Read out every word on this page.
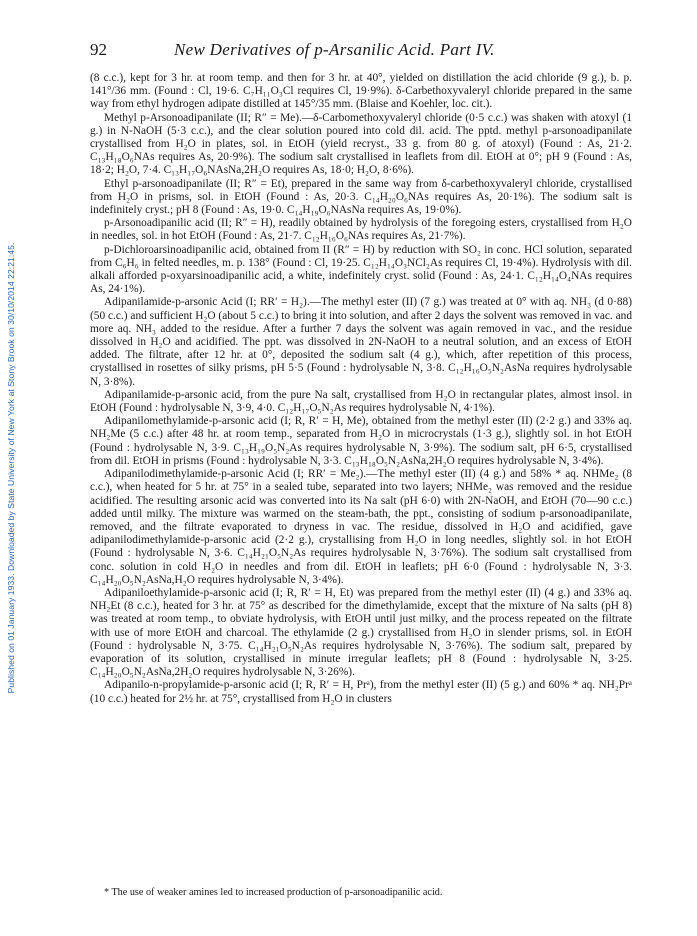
Published on 01 January 1933. Downloaded by State University of New York at Stony Brook on 30/10/2014 22:21:45.
92	New Derivatives of p-Arsanilic Acid. Part IV.

(8 c.c.), kept for 3 hr. at room temp. and then for 3 hr. at 40°, yielded on distillation the acid chloride (9 g.), b. p. 141°/36 mm. (Found : Cl, 19·6. C₇H₁₁O₃Cl requires Cl, 19·9%). δ-Carbethoxyvaleryl chloride prepared in the same way from ethyl hydrogen adipate distilled at 145°/35 mm. (Blaise and Koehler, loc. cit.).

Methyl p-Arsonoadipanilate (II; R″ = Me).—δ-Carbomethoxyvaleryl chloride (0·5 c.c.) was shaken with atoxyl (1 g.) in N-NaOH (5·3 c.c.), and the clear solution poured into cold dil. acid. The pptd. methyl p-arsonoadipanilate crystallised from H₂O in plates, sol. in EtOH (yield recryst., 33 g. from 80 g. of atoxyl) (Found : As, 21·2. C₁₃H₁₈O₆NAs requires As, 20·9%). The sodium salt crystallised in leaflets from dil. EtOH at 0°; pH 9 (Found : As, 18·2; H₂O, 7·4. C₁₃H₁₇O₆NAsNa,2H₂O requires As, 18·0; H₂O, 8·6%).

Ethyl p-arsonoadipanilate (II; R″ = Et), prepared in the same way from δ-carbethoxyvaleryl chloride, crystallised from H₂O in prisms, sol. in EtOH (Found : As, 20·3. C₁₄H₂₀O₆NAs requires As, 20·1%). The sodium salt is indefinitely cryst.; pH 8 (Found : As, 19·0. C₁₄H₁₉O₆NAsNa requires As, 19·0%).

p-Arsonoadipanilic acid (II; R″ = H), readily obtained by hydrolysis of the foregoing esters, crystallised from H₂O in needles, sol. in hot EtOH (Found : As, 21·7. C₁₂H₁₆O₆NAs requires As, 21·7%).

p-Dichloroarsinoadipanilic acid, obtained from II (R″ = H) by reduction with SO₂ in conc. HCl solution, separated from C₆H₆ in felted needles, m. p. 138° (Found : Cl, 19·25. C₁₂H₁₄O₃NCl₂As requires Cl, 19·4%). Hydrolysis with dil. alkali afforded p-oxyarsinoadipanilic acid, a white, indefinitely cryst. solid (Found : As, 24·1. C₁₂H₁₄O₄NAs requires As, 24·1%).

Adipanilamide-p-arsonic Acid (I; RR′ = H₂).—The methyl ester (II) (7 g.) was treated at 0° with aq. NH₃ (d 0·88) (50 c.c.) and sufficient H₂O (about 5 c.c.) to bring it into solution, and after 2 days the solvent was removed in vac. and more aq. NH₃ added to the residue. After a further 7 days the solvent was again removed in vac., and the residue dissolved in H₂O and acidified. The ppt. was dissolved in 2N-NaOH to a neutral solution, and an excess of EtOH added. The filtrate, after 12 hr. at 0°, deposited the sodium salt (4 g.), which, after repetition of this process, crystallised in rosettes of silky prisms, pH 5·5 (Found : hydrolysable N, 3·8. C₁₂H₁₆O₅N₂AsNa requires hydrolysable N, 3·8%).

Adipanilamide-p-arsonic acid, from the pure Na salt, crystallised from H₂O in rectangular plates, almost insol. in EtOH (Found : hydrolysable N, 3·9, 4·0. C₁₂H₁₇O₅N₂As requires hydrolysable N, 4·1%).

Adipanilomethylamide-p-arsonic acid (I; R, R′ = H, Me), obtained from the methyl ester (II) (2·2 g.) and 33% aq. NH₂Me (5 c.c.) after 48 hr. at room temp., separated from H₂O in microcrystals (1·3 g.), slightly sol. in hot EtOH (Found : hydrolysable N, 3·9. C₁₃H₁₉O₅N₂As requires hydrolysable N, 3·9%). The sodium salt, pH 6·5, crystallised from dil. EtOH in prisms (Found : hydrolysable N, 3·3. C₁₃H₁₈O₅N₂AsNa,2H₂O requires hydrolysable N, 3·4%).

Adipanilodimethylamide-p-arsonic Acid (I; RR′ = Me₂).—The methyl ester (II) (4 g.) and 58% * aq. NHMe₂ (8 c.c.), when heated for 5 hr. at 75° in a sealed tube, separated into two layers; NHMe₂ was removed and the residue acidified. The resulting arsonic acid was converted into its Na salt (pH 6·0) with 2N-NaOH, and EtOH (70—90 c.c.) added until milky. The mixture was warmed on the steam-bath, the ppt., consisting of sodium p-arsonoadipanilate, removed, and the filtrate evaporated to dryness in vac. The residue, dissolved in H₂O and acidified, gave adipanilodimethylamide-p-arsonic acid (2·2 g.), crystallising from H₂O in long needles, slightly sol. in hot EtOH (Found : hydrolysable N, 3·6. C₁₄H₂₁O₅N₂As requires hydrolysable N, 3·76%). The sodium salt crystallised from conc. solution in cold H₂O in needles and from dil. EtOH in leaflets; pH 6·0 (Found : hydrolysable N, 3·3. C₁₄H₂₀O₅N₂AsNa,H₂O requires hydrolysable N, 3·4%).

Adipaniloethylamide-p-arsonic acid (I; R, R′ = H, Et) was prepared from the methyl ester (II) (4 g.) and 33% aq. NH₂Et (8 c.c.), heated for 3 hr. at 75° as described for the dimethylamide, except that the mixture of Na salts (pH 8) was treated at room temp., to obviate hydrolysis, with EtOH until just milky, and the process repeated on the filtrate with use of more EtOH and charcoal. The ethylamide (2 g.) crystallised from H₂O in slender prisms, sol. in EtOH (Found : hydrolysable N, 3·75. C₁₄H₂₁O₅N₂As requires hydrolysable N, 3·76%). The sodium salt, prepared by evaporation of its solution, crystallised in minute irregular leaflets; pH 8 (Found : hydrolysable N, 3·25. C₁₄H₂₀O₅N₂AsNa,2H₂O requires hydrolysable N, 3·26%).

Adipanilo-n-propylamide-p-arsonic acid (I; R, R′ = H, Prᵃ), from the methyl ester (II) (5 g.) and 60% * aq. NH₂Prᵃ (10 c.c.) heated for 2½ hr. at 75°, crystallised from H₂O in clusters

* The use of weaker amines led to increased production of p-arsonoadipanilic acid.
